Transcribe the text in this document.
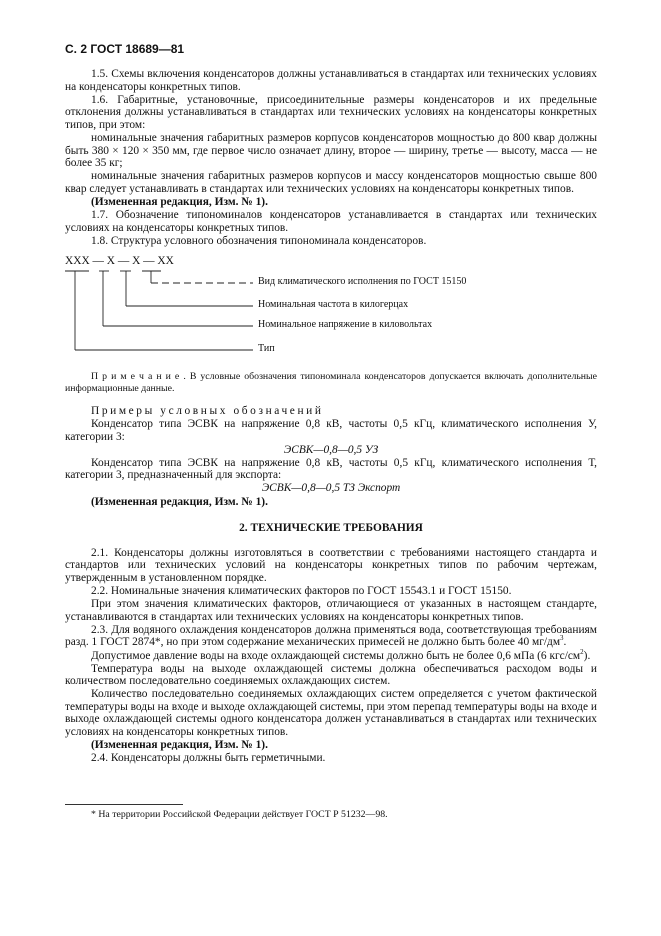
С. 2 ГОСТ 18689—81

1.5. Схемы включения конденсаторов должны устанавливаться в стандартах или технических условиях на конденсаторы конкретных типов.

1.6. Габаритные, установочные, присоединительные размеры конденсаторов и их предельные отклонения должны устанавливаться в стандартах или технических условиях на конденсаторы конкретных типов, при этом:

номинальные значения габаритных размеров корпусов конденсаторов мощностью до 800 квар должны быть 380 × 120 × 350 мм, где первое число означает длину, второе — ширину, третье — высоту, масса — не более 35 кг;

номинальные значения габаритных размеров корпусов и массу конденсаторов мощностью свыше 800 квар следует устанавливать в стандартах или технических условиях на конденсаторы конкретных типов.

(Измененная редакция, Изм. № 1).

1.7. Обозначение типономиналов конденсаторов устанавливается в стандартах или технических условиях на конденсаторы конкретных типов.

1.8. Структура условного обозначения типономинала конденсаторов.

ХХХ — Х — Х — ХХ
Вид климатического исполнения по ГОСТ 15150
Номинальная частота в килогерцах
Номинальное напряжение в киловольтах
Тип

П р и м е ч а н и е . В условные обозначения типономинала конденсаторов допускается включать дополнительные информационные данные.

Примеры условных обозначений

Конденсатор типа ЭСВК на напряжение 0,8 кВ, частоты 0,5 кГц, климатического исполнения У, категории 3:

ЭСВК—0,8—0,5 УЗ

Конденсатор типа ЭСВК на напряжение 0,8 кВ, частоты 0,5 кГц, климатического исполнения Т, категории 3, предназначенный для экспорта:

ЭСВК—0,8—0,5 ТЗ Экспорт

(Измененная редакция, Изм. № 1).

2. ТЕХНИЧЕСКИЕ ТРЕБОВАНИЯ

2.1. Конденсаторы должны изготовляться в соответствии с требованиями настоящего стандарта и стандартов или технических условий на конденсаторы конкретных типов по рабочим чертежам, утвержденным в установленном порядке.

2.2. Номинальные значения климатических факторов по ГОСТ 15543.1 и ГОСТ 15150.

При этом значения климатических факторов, отличающиеся от указанных в настоящем стандарте, устанавливаются в стандартах или технических условиях на конденсаторы конкретных типов.

2.3. Для водяного охлаждения конденсаторов должна применяться вода, соответствующая требованиям разд. 1 ГОСТ 2874*, но при этом содержание механических примесей не должно быть более 40 $мг/дм^3$.

Допустимое давление воды на входе охлаждающей системы должно быть не более 0,6 мПа (6 кгс/$см^2$).

Температура воды на выходе охлаждающей системы должна обеспечиваться расходом воды и количеством последовательно соединяемых охлаждающих систем.

Количество последовательно соединяемых охлаждающих систем определяется с учетом фактической температуры воды на входе и выходе охлаждающей системы, при этом перепад температуры воды на входе и выходе охлаждающей системы одного конденсатора должен устанавливаться в стандартах или технических условиях на конденсаторы конкретных типов.

(Измененная редакция, Изм. № 1).

2.4. Конденсаторы должны быть герметичными.

* На территории Российской Федерации действует ГОСТ Р 51232—98.
